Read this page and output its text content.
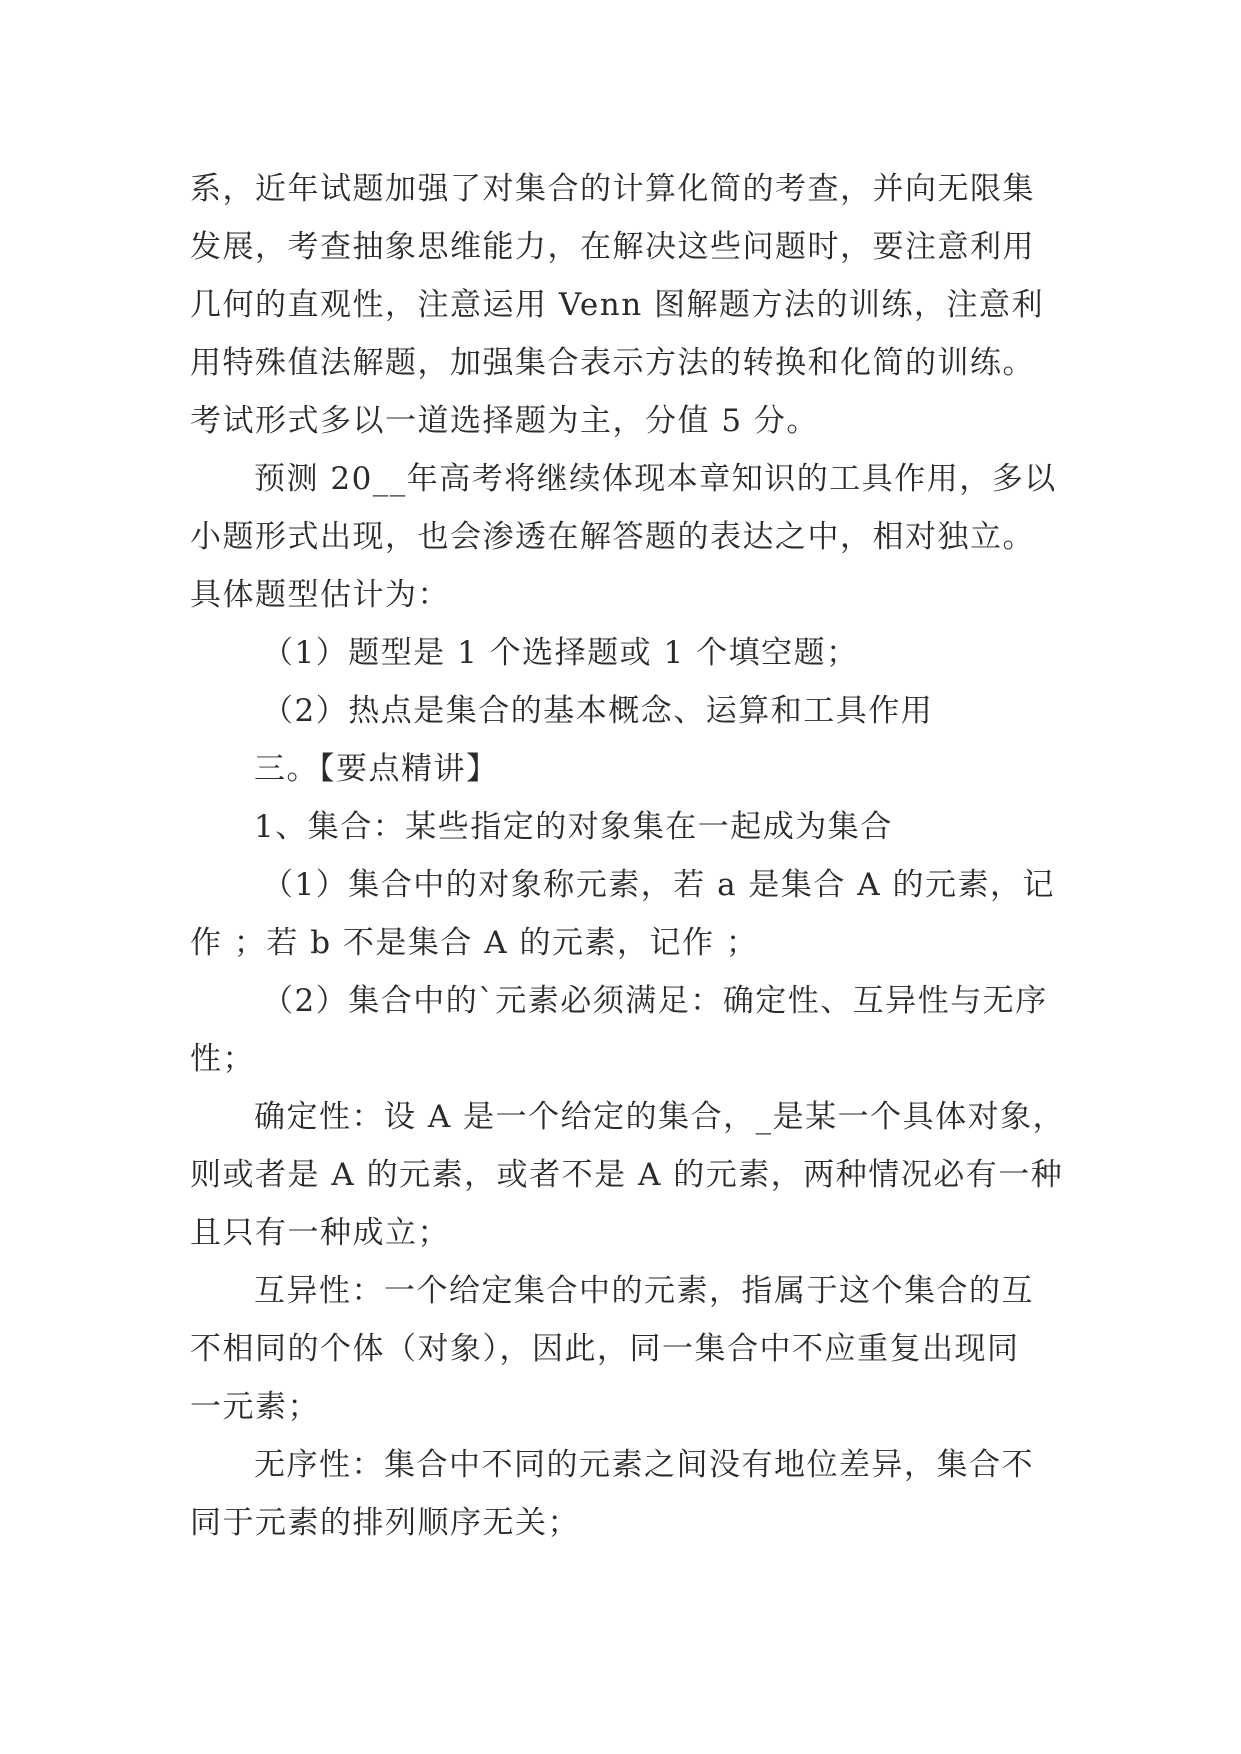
系，近年试题加强了对集合的计算化简的考查，并向无限集
发展，考查抽象思维能力，在解决这些问题时，要注意利用
几何的直观性，注意运用 Venn 图解题方法的训练，注意利
用特殊值法解题，加强集合表示方法的转换和化简的训练。
考试形式多以一道选择题为主，分值 5 分。
预测 20__年高考将继续体现本章知识的工具作用，多以
小题形式出现，也会渗透在解答题的表达之中，相对独立。
具体题型估计为：
（1）题型是 1 个选择题或 1 个填空题；
（2）热点是集合的基本概念、运算和工具作用
三。【要点精讲】
1、集合：某些指定的对象集在一起成为集合
（1）集合中的对象称元素，若 a 是集合 A 的元素，记
作 ；若 b 不是集合 A 的元素，记作 ；
（2）集合中的`元素必须满足：确定性、互异性与无序
性；
确定性：设 A 是一个给定的集合，_是某一个具体对象，
则或者是 A 的元素，或者不是 A 的元素，两种情况必有一种
且只有一种成立；
互异性：一个给定集合中的元素，指属于这个集合的互
不相同的个体（对象），因此，同一集合中不应重复出现同
一元素；
无序性：集合中不同的元素之间没有地位差异，集合不
同于元素的排列顺序无关；
